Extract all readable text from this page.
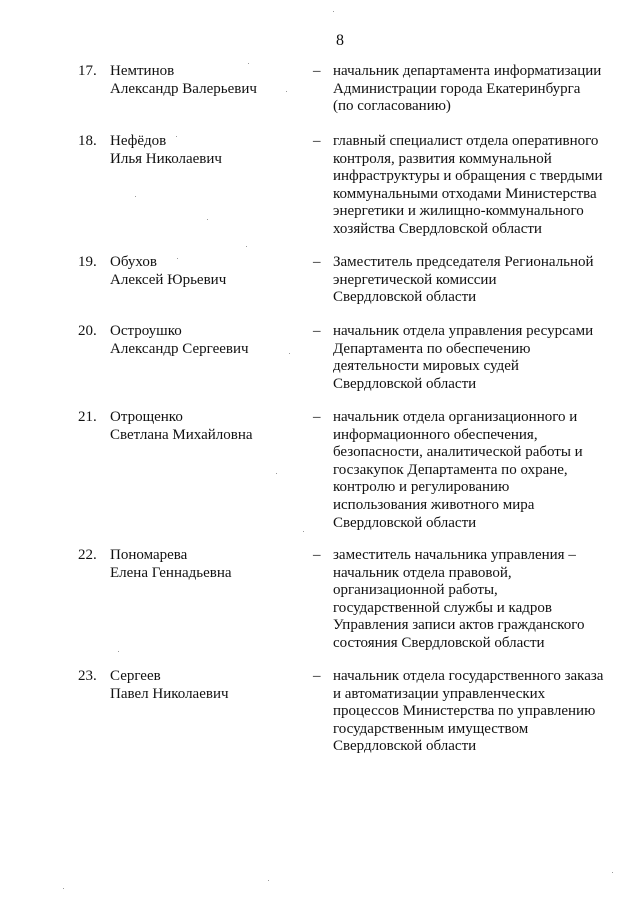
8
17. Немтинов
Александр Валерьевич
– начальник департамента информатизации
Администрации города Екатеринбурга
(по согласованию)
18. Нефёдов
Илья Николаевич
– главный специалист отдела оперативного
контроля, развития коммунальной
инфраструктуры и обращения с твердыми
коммунальными отходами Министерства
энергетики и жилищно-коммунального
хозяйства Свердловской области
19. Обухов
Алексей Юрьевич
– Заместитель председателя Региональной
энергетической комиссии
Свердловской области
20. Остроушко
Александр Сергеевич
– начальник отдела управления ресурсами
Департамента по обеспечению
деятельности мировых судей
Свердловской области
21. Отрощенко
Светлана Михайловна
– начальник отдела организационного и
информационного обеспечения,
безопасности, аналитической работы и
госзакупок Департамента по охране,
контролю и регулированию
использования животного мира
Свердловской области
22. Пономарева
Елена Геннадьевна
– заместитель начальника управления –
начальник отдела правовой,
организационной работы,
государственной службы и кадров
Управления записи актов гражданского
состояния Свердловской области
23. Сергеев
Павел Николаевич
– начальник отдела государственного заказа
и автоматизации управленческих
процессов Министерства по управлению
государственным имуществом
Свердловской области
